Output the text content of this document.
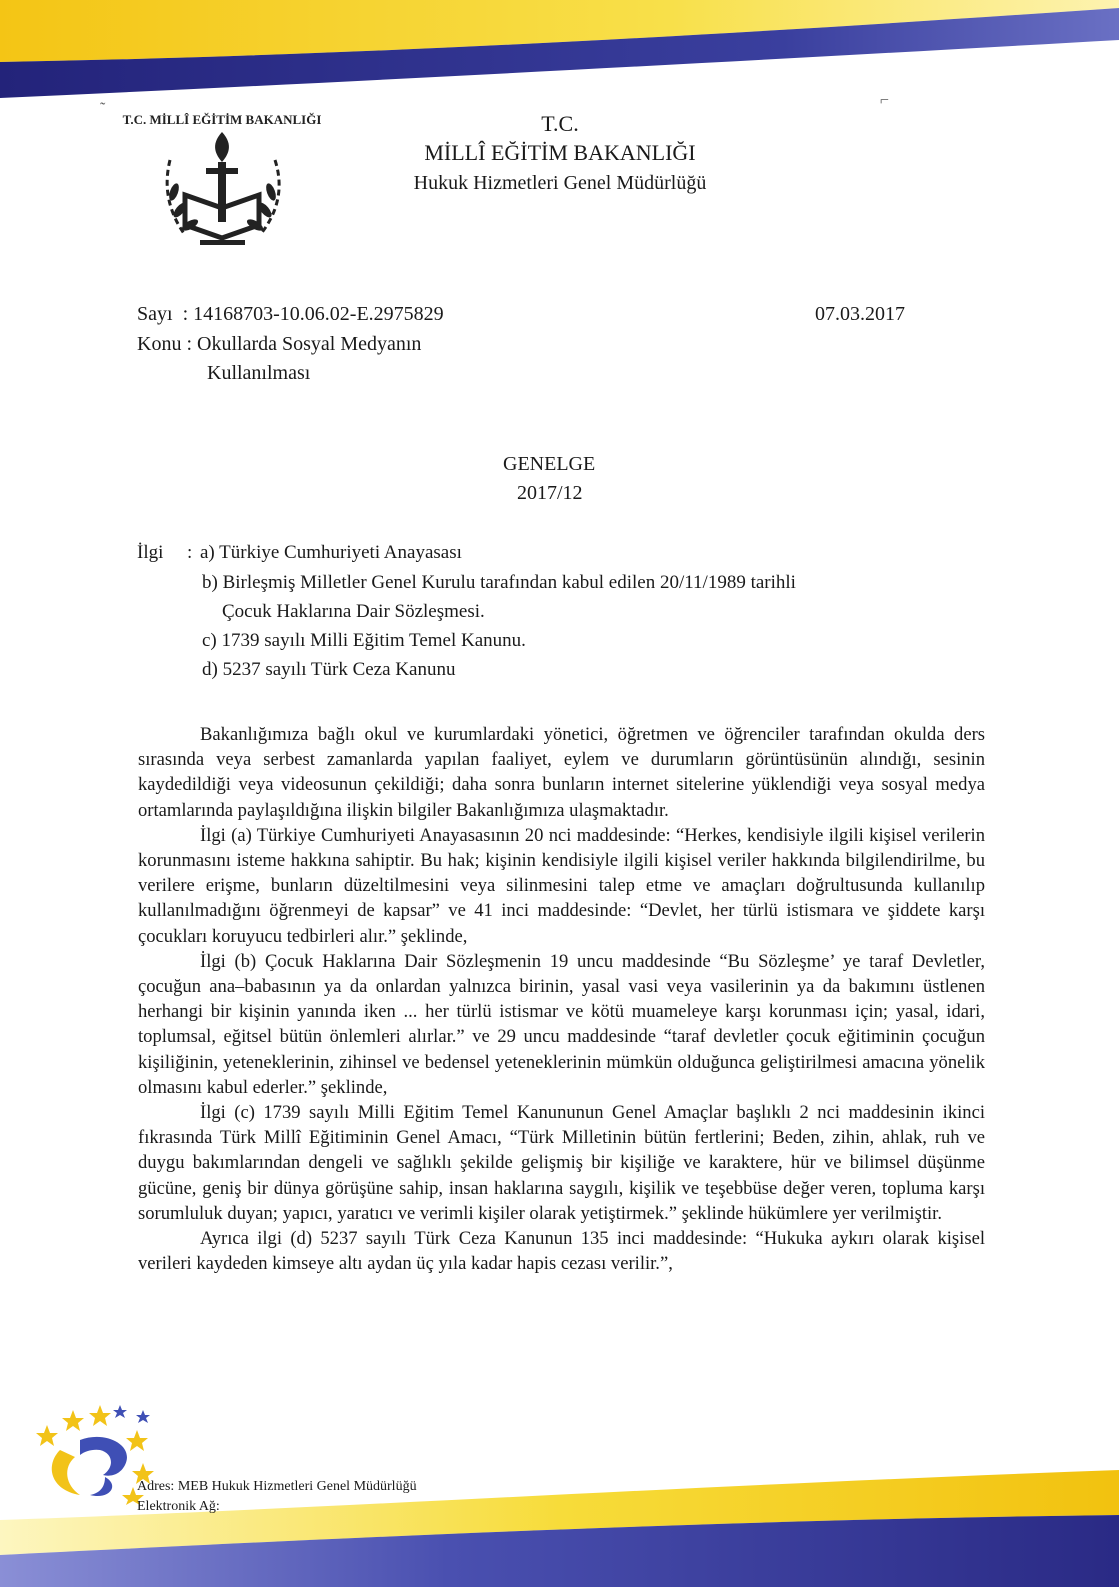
T.C. MİLLÎ EĞİTİM BAKANLIĞI
˜	⌐
T.C.
MİLLÎ EĞİTİM BAKANLIĞI
Hukuk Hizmetleri Genel Müdürlüğü
Sayı  : 14168703-10.06.02-E.2975829	07.03.2017
Konu : Okullarda Sosyal Medyanın
Kullanılması
GENELGE
2017/12
İlgi : a) Türkiye Cumhuriyeti Anayasası
b) Birleşmiş Milletler Genel Kurulu tarafından kabul edilen 20/11/1989 tarihli
Çocuk Haklarına Dair Sözleşmesi.
c) 1739 sayılı Milli Eğitim Temel Kanunu.
d) 5237 sayılı Türk Ceza Kanunu

Bakanlığımıza bağlı okul ve kurumlardaki yönetici, öğretmen ve öğrenciler tarafından okulda ders sırasında veya serbest zamanlarda yapılan faaliyet, eylem ve durumların görüntüsünün alındığı, sesinin kaydedildiği veya videosunun çekildiği; daha sonra bunların internet sitelerine yüklendiği veya sosyal medya ortamlarında paylaşıldığına ilişkin bilgiler Bakanlığımıza ulaşmaktadır.

İlgi (a) Türkiye Cumhuriyeti Anayasasının 20 nci maddesinde: “Herkes, kendisiyle ilgili kişisel verilerin korunmasını isteme hakkına sahiptir. Bu hak; kişinin kendisiyle ilgili kişisel veriler hakkında bilgilendirilme, bu verilere erişme, bunların düzeltilmesini veya silinmesini talep etme ve amaçları doğrultusunda kullanılıp kullanılmadığını öğrenmeyi de kapsar” ve 41 inci maddesinde: “Devlet, her türlü istismara ve şiddete karşı çocukları koruyucu tedbirleri alır.” şeklinde,

İlgi (b) Çocuk Haklarına Dair Sözleşmenin 19 uncu maddesinde “Bu Sözleşme’ ye taraf Devletler, çocuğun ana–babasının ya da onlardan yalnızca birinin, yasal vasi veya vasilerinin ya da bakımını üstlenen herhangi bir kişinin yanında iken ... her türlü istismar ve kötü muameleye karşı korunması için; yasal, idari, toplumsal, eğitsel bütün önlemleri alırlar.” ve 29 uncu maddesinde “taraf devletler çocuk eğitiminin çocuğun kişiliğinin, yeteneklerinin, zihinsel ve bedensel yeteneklerinin mümkün olduğunca geliştirilmesi amacına yönelik olmasını kabul ederler.” şeklinde,

İlgi (c) 1739 sayılı Milli Eğitim Temel Kanununun Genel Amaçlar başlıklı 2 nci maddesinin ikinci fıkrasında Türk Millî Eğitiminin Genel Amacı, “Türk Milletinin bütün fertlerini; Beden, zihin, ahlak, ruh ve duygu bakımlarından dengeli ve sağlıklı şekilde gelişmiş bir kişiliğe ve karaktere, hür ve bilimsel düşünme gücüne, geniş bir dünya görüşüne sahip, insan haklarına saygılı, kişilik ve teşebbüse değer veren, topluma karşı sorumluluk duyan; yapıcı, yaratıcı ve verimli kişiler olarak yetiştirmek.” şeklinde hükümlere yer verilmiştir.

Ayrıca ilgi (d) 5237 sayılı Türk Ceza Kanunun 135 inci maddesinde: “Hukuka aykırı olarak kişisel verileri kaydeden kimseye altı aydan üç yıla kadar hapis cezası verilir.”,

Adres: MEB Hukuk Hizmetleri Genel Müdürlüğü
Elektronik Ağ:
